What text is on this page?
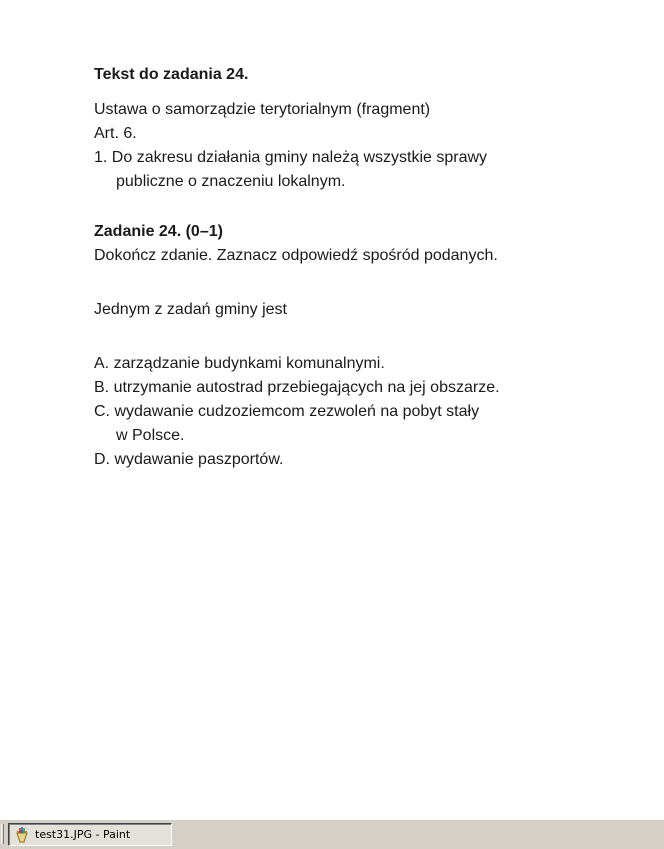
Tekst do zadania 24.

Ustawa o samorządzie terytorialnym (fragment)

Art. 6.

1. Do zakresu działania gminy należą wszystkie sprawy

publiczne o znaczeniu lokalnym.

Zadanie 24. (0–1)

Dokończ zdanie. Zaznacz odpowiedź spośród podanych.

Jednym z zadań gminy jest

A. zarządzanie budynkami komunalnymi.

B. utrzymanie autostrad przebiegających na jej obszarze.

C. wydawanie cudzoziemcom zezwoleń na pobyt stały

w Polsce.

D. wydawanie paszportów.

test31.JPG - Paint
